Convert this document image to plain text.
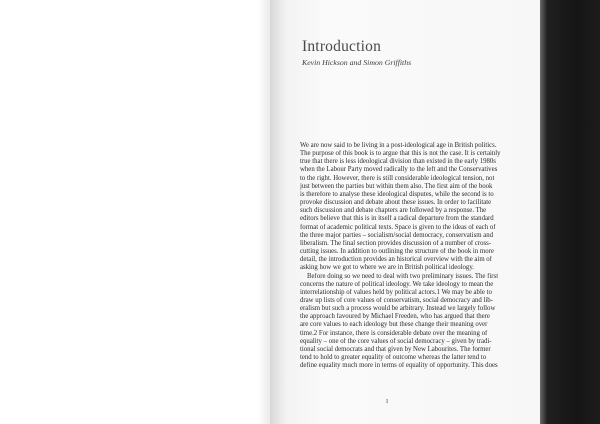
Introduction

Kevin Hickson and Simon Griffiths

We are now said to be living in a post-ideological age in British politics.
The purpose of this book is to argue that this is not the case. It is certainly
true that there is less ideological division than existed in the early 1980s
when the Labour Party moved radically to the left and the Conservatives
to the right. However, there is still considerable ideological tension, not
just between the parties but within them also. The first aim of the book
is therefore to analyse these ideological disputes, while the second is to
provoke discussion and debate about these issues. In order to facilitate
such discussion and debate chapters are followed by a response. The
editors believe that this is in itself a radical departure from the standard
format of academic political texts. Space is given to the ideas of each of
the three major parties – socialism/social democracy, conservatism and
liberalism. The final section provides discussion of a number of cross-
cutting issues. In addition to outlining the structure of the book in more
detail, the introduction provides an historical overview with the aim of
asking how we got to where we are in British political ideology.
Before doing so we need to deal with two preliminary issues. The first
concerns the nature of political ideology. We take ideology to mean the
interrelationship of values held by political actors.1 We may be able to
draw up lists of core values of conservatism, social democracy and lib-
eralism but such a process would be arbitrary. Instead we largely follow
the approach favoured by Michael Freeden, who has argued that there
are core values to each ideology but these change their meaning over
time.2 For instance, there is considerable debate over the meaning of
equality – one of the core values of social democracy – given by tradi-
tional social democrats and that given by New Labourites. The former
tend to hold to greater equality of outcome whereas the latter tend to
define equality much more in terms of equality of opportunity. This does
1
